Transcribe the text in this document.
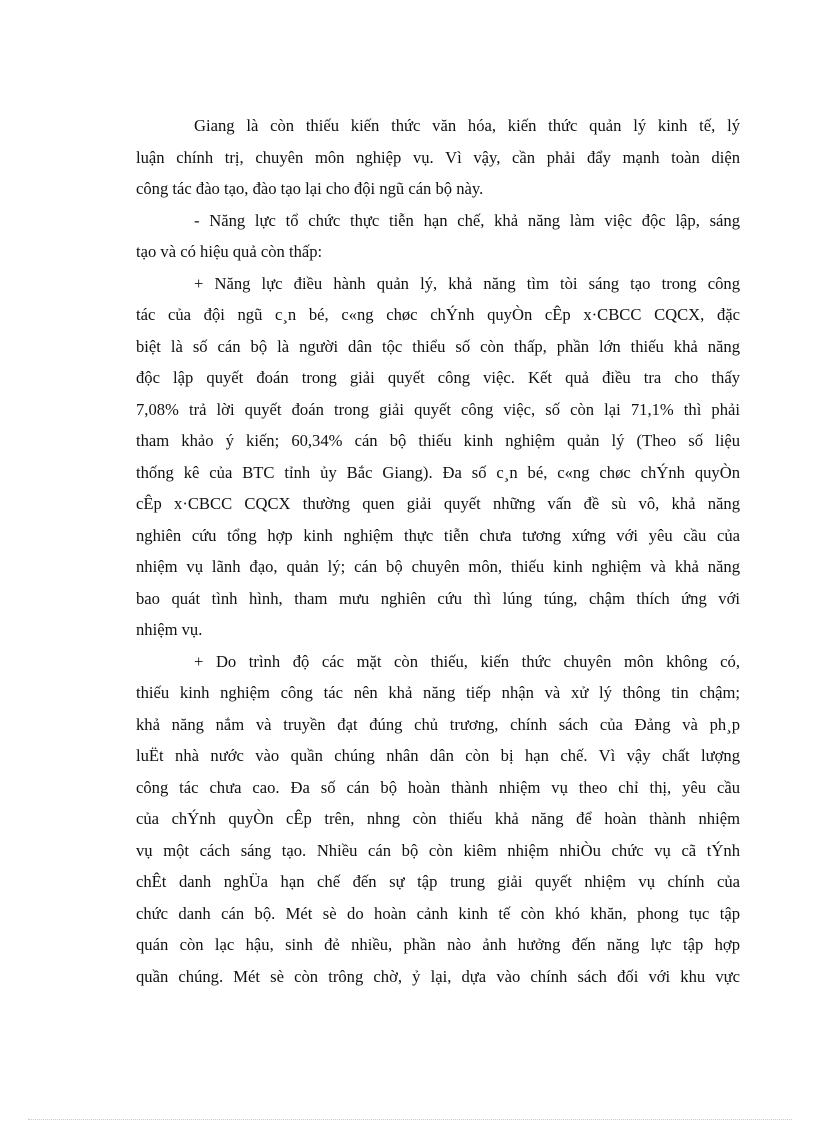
Giang là còn thiếu kiến thức văn hóa, kiến thức quản lý kinh tế, lý
luận chính trị, chuyên môn nghiệp vụ. Vì vậy, cần phải đẩy mạnh toàn diện
công tác đào tạo, đào tạo lại cho đội ngũ cán bộ này.
- Năng lực tổ chức thực tiễn hạn chế, khả năng làm việc độc lập, sáng
tạo và có hiệu quả còn thấp:
+ Năng lực điều hành quản lý, khả năng tìm tòi sáng tạo trong công
tác của đội ngũ c¸n bé, c«ng chøc chÝnh quyÒn cÊp x·CBCC CQCX, đặc
biệt là số cán bộ là người dân tộc thiểu số còn thấp, phần lớn thiếu khả năng
độc lập quyết đoán trong giải quyết công việc. Kết quả điều tra cho thấy
7,08% trả lời quyết đoán trong giải quyết công việc, số còn lại 71,1% thì phải
tham khảo ý kiến; 60,34% cán bộ thiếu kinh nghiệm quản lý (Theo số liệu
thống kê của BTC tỉnh ủy Bắc Giang). Đa số c¸n bé, c«ng chøc chÝnh quyÒn
cÊp x·CBCC CQCX thường quen giải quyết những vấn đề sù vô, khả năng
nghiên cứu tổng hợp kinh nghiệm thực tiễn chưa tương xứng với yêu cầu của
nhiệm vụ lãnh đạo, quản lý; cán bộ chuyên môn, thiếu kinh nghiệm và khả năng
bao quát tình hình, tham mưu nghiên cứu thì lúng túng, chậm thích ứng với
nhiệm vụ.
+ Do trình độ các mặt còn thiếu, kiến thức chuyên môn không có,
thiếu kinh nghiệm công tác nên khả năng tiếp nhận và xử lý thông tin chậm;
khả năng nắm và truyền đạt đúng chủ trương, chính sách của Đảng và ph¸p
luËt nhà nước vào quần chúng nhân dân còn bị hạn chế. Vì vậy chất lượng
công tác chưa cao. Đa số cán bộ hoàn thành nhiệm vụ theo chỉ thị, yêu cầu
của chÝnh quyÒn cÊp trên, nhng còn thiếu khả năng để hoàn thành nhiệm
vụ một cách sáng tạo. Nhiều cán bộ còn kiêm nhiệm nhiÒu chức vụ cã tÝnh
chÊt danh nghÜa hạn chế đến sự tập trung giải quyết nhiệm vụ chính của
chức danh cán bộ. Mét sè do hoàn cảnh kinh tế còn khó khăn, phong tục tập
quán còn lạc hậu, sinh đẻ nhiều, phần nào ảnh hưởng đến năng lực tập hợp
quần chúng. Mét sè còn trông chờ, ỷ lại, dựa vào chính sách đối với khu vực
